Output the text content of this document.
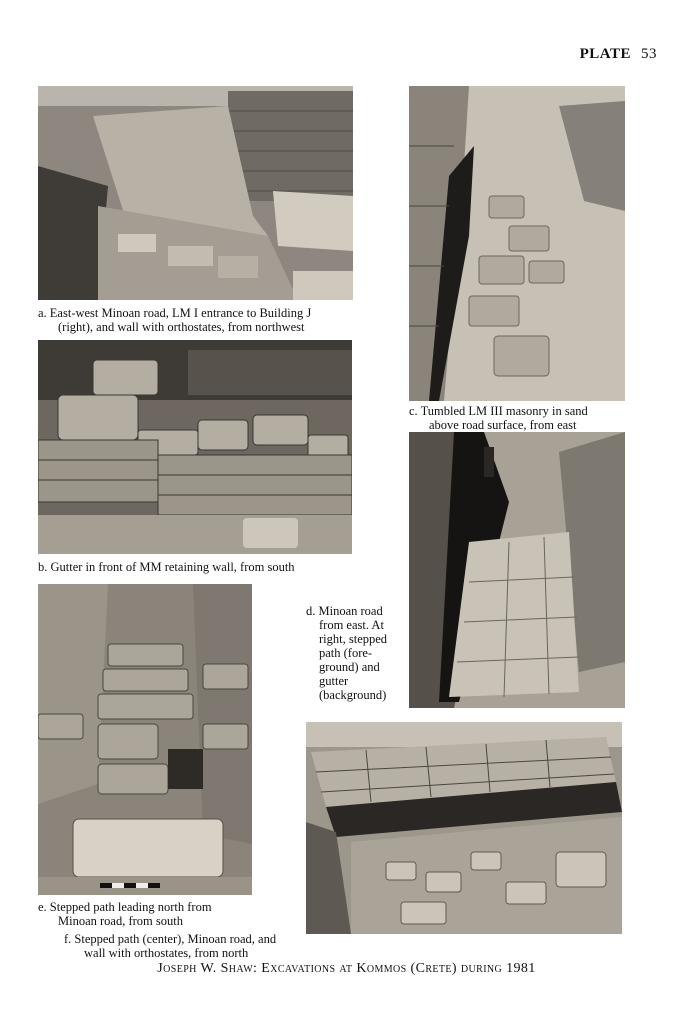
PLATE 53
a. East-west Minoan road, LM I entrance to Building J
(right), and wall with orthostates, from northwest
b. Gutter in front of MM retaining wall, from south
c. Tumbled LM III masonry in sand
above road surface, from east
d. Minoan road
from east. At
right, stepped
path (fore-
ground) and
gutter
(background)
e. Stepped path leading north from
Minoan road, from south
f. Stepped path (center), Minoan road, and
wall with orthostates, from north
Joseph W. Shaw: Excavations at Kommos (Crete) during 1981
